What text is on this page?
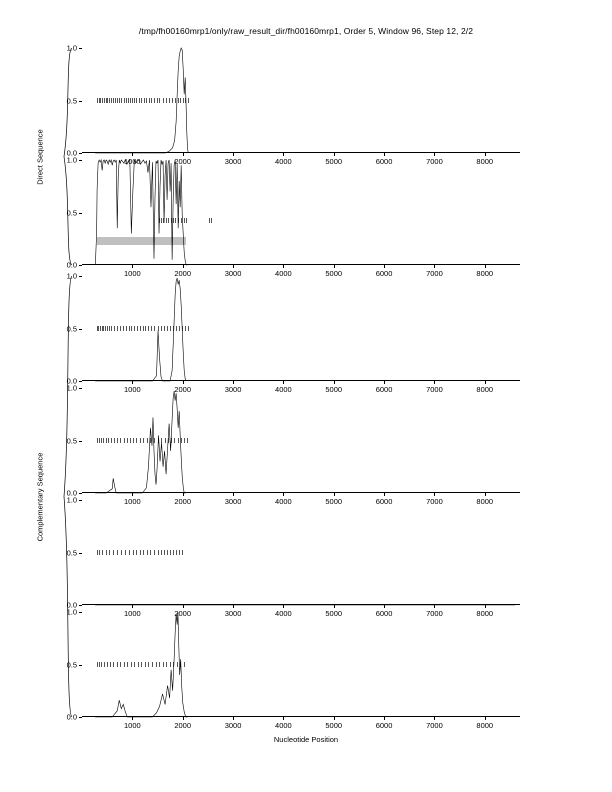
/tmp/fh00160mrp1/only/raw_result_dir/fh00160mrp1, Order 5, Window 96, Step 12, 2/2
Nucleotide Position
0.0
0.5
1.0
1000	2000	3000	4000	5000	6000	7000	8000
0.0
0.5
1.0
1000	2000	3000	4000	5000	6000	7000	8000
0.0
0.5
1.0
1000	2000	3000	4000	5000	6000	7000	8000
0.0
0.5
1.0
1000	2000	3000	4000	5000	6000	7000	8000
0.0
0.5
1.0
1000	2000	3000	4000	5000	6000	7000	8000
0.0
0.5
1.0
1000	2000	3000	4000	5000	6000	7000	8000
Direct Sequence
Complementary Sequence
